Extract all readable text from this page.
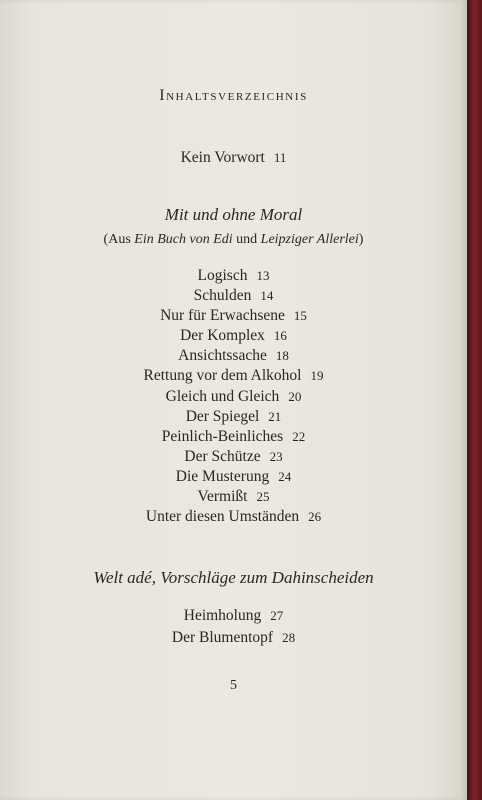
Inhaltsverzeichnis
Kein Vorwort 11
Mit und ohne Moral
(Aus Ein Buch von Edi und Leipziger Allerlei)
Logisch 13
Schulden 14
Nur für Erwachsene 15
Der Komplex 16
Ansichtssache 18
Rettung vor dem Alkohol 19
Gleich und Gleich 20
Der Spiegel 21
Peinlich-Beinliches 22
Der Schütze 23
Die Musterung 24
Vermißt 25
Unter diesen Umständen 26
Welt adé, Vorschläge zum Dahinscheiden
Heimholung 27
Der Blumentopf 28
5
